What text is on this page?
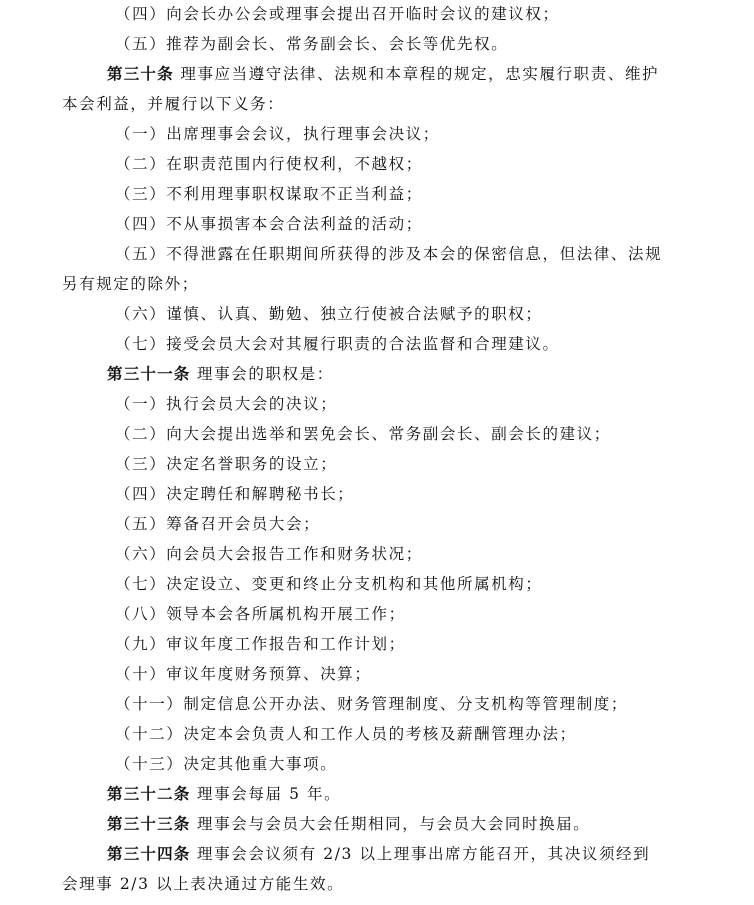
（四）向会长办公会或理事会提出召开临时会议的建议权；
（五）推荐为副会长、常务副会长、会长等优先权。
第三十条 理事应当遵守法律、法规和本章程的规定，忠实履行职责、维护
本会利益，并履行以下义务：
（一）出席理事会会议，执行理事会决议；
（二）在职责范围内行使权利，不越权；
（三）不利用理事职权谋取不正当利益；
（四）不从事损害本会合法利益的活动；
（五）不得泄露在任职期间所获得的涉及本会的保密信息，但法律、法规
另有规定的除外；
（六）谨慎、认真、勤勉、独立行使被合法赋予的职权；
（七）接受会员大会对其履行职责的合法监督和合理建议。
第三十一条 理事会的职权是：
（一）执行会员大会的决议；
（二）向大会提出选举和罢免会长、常务副会长、副会长的建议；
（三）决定名誉职务的设立；
（四）决定聘任和解聘秘书长；
（五）筹备召开会员大会；
（六）向会员大会报告工作和财务状况；
（七）决定设立、变更和终止分支机构和其他所属机构；
（八）领导本会各所属机构开展工作；
（九）审议年度工作报告和工作计划；
（十）审议年度财务预算、决算；
（十一）制定信息公开办法、财务管理制度、分支机构等管理制度；
（十二）决定本会负责人和工作人员的考核及薪酬管理办法；
（十三）决定其他重大事项。
第三十二条 理事会每届 5 年。
第三十三条 理事会与会员大会任期相同，与会员大会同时换届。
第三十四条 理事会会议须有 2/3 以上理事出席方能召开，其决议须经到
会理事 2/3 以上表决通过方能生效。
